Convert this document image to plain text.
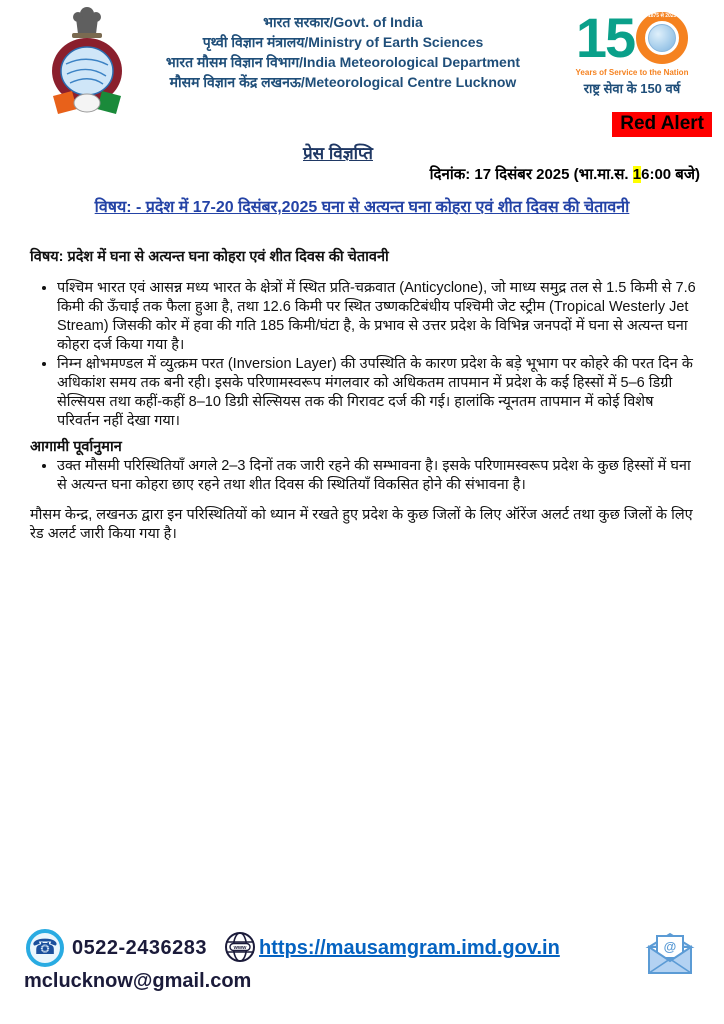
भारत सरकार/Govt. of India
पृथ्वी विज्ञान मंत्रालय/Ministry of Earth Sciences
भारत मौसम विज्ञान विभाग/India Meteorological Department
मौसम विज्ञान केंद्र लखनऊ/Meteorological Centre Lucknow
15	1875 से 2025
Years of Service to the Nation
राष्ट्र सेवा के 150 वर्ष
Red Alert
प्रेस विज्ञप्ति
दिनांक: 17 दिसंबर 2025 (भा.मा.स. 16:00 बजे)
विषय: - प्रदेश में 17-20 दिसंबर,2025 घना से अत्यन्त घना कोहरा एवं शीत दिवस की चेतावनी
विषय: प्रदेश में घना से अत्यन्त घना कोहरा एवं शीत दिवस की चेतावनी
• पश्चिम भारत एवं आसन्न मध्य भारत के क्षेत्रों में स्थित प्रति-चक्रवात (Anticyclone), जो माध्य समुद्र तल से 1.5 किमी से 7.6 किमी की ऊँचाई तक फैला हुआ है, तथा 12.6 किमी पर स्थित उष्णकटिबंधीय पश्चिमी जेट स्ट्रीम (Tropical Westerly Jet Stream) जिसकी कोर में हवा की गति 185 किमी/घंटा है, के प्रभाव से उत्तर प्रदेश के विभिन्न जनपदों में घना से अत्यन्त घना कोहरा दर्ज किया गया है।
• निम्न क्षोभमण्डल में व्युत्क्रम परत (Inversion Layer) की उपस्थिति के कारण प्रदेश के बड़े भूभाग पर कोहरे की परत दिन के अधिकांश समय तक बनी रही। इसके परिणामस्वरूप मंगलवार को अधिकतम तापमान में प्रदेश के कई हिस्सों में 5–6 डिग्री सेल्सियस तथा कहीं-कहीं 8–10 डिग्री सेल्सियस तक की गिरावट दर्ज की गई। हालांकि न्यूनतम तापमान में कोई विशेष परिवर्तन नहीं देखा गया।
आगामी पूर्वानुमान
• उक्त मौसमी परिस्थितियाँ अगले 2–3 दिनों तक जारी रहने की सम्भावना है। इसके परिणामस्वरूप प्रदेश के कुछ हिस्सों में घना से अत्यन्त घना कोहरा छाए रहने तथा शीत दिवस की स्थितियाँ विकसित होने की संभावना है।
मौसम केन्द्र, लखनऊ द्वारा इन परिस्थितियों को ध्यान में रखते हुए प्रदेश के कुछ जिलों के लिए ऑरेंज अलर्ट तथा कुछ जिलों के लिए रेड अलर्ट जारी किया गया है।
☎ 0522-2436283	www https://mausamgram.imd.gov.in
mclucknow@gmail.com
@
